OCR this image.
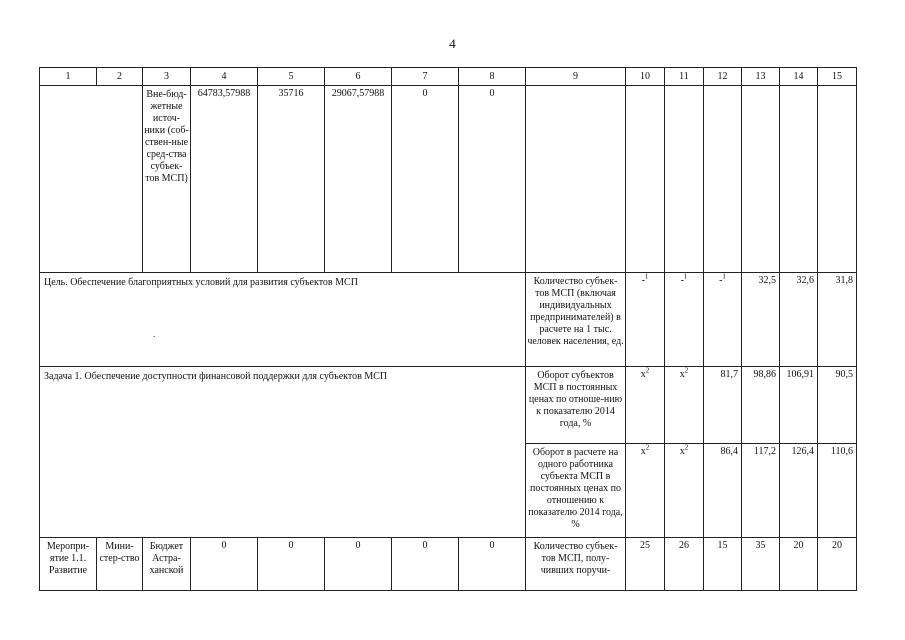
4
1	2	3	4	5	6	7	8	9	10	11	12	13	14	15
		Вне-бюд-жетные источ-ники (соб-ствен-ные сред-ства субъек-тов МСП)	64783,57988	35716	29067,57988	0	0							
Цель. Обеспечение благоприятных условий для развития субъектов МСП								Количество субъек-тов МСП (включая индивидуальных предпринимателей) в расчете на 1 тыс. человек населения, ед.	-$^1$	-$^1$	-$^1$	32,5	32,6	31,8
Задача 1. Обеспечение доступности финансовой поддержки для субъектов МСП								Оборот субъектов МСП в постоянных ценах по отноше-нию к показателю 2014 года, %	$x^2$	$x^2$	81,7	98,86	106,91	90,5
								Оборот в расчете на одного работника субъекта МСП в постоянных ценах по отношению к показателю 2014 года, %	$x^2$	$x^2$	86,4	117,2	126,4	110,6
Меропри-ятие 1.1. Развитие	Мини-стер-ство	Бюджет Астра-ханской	0	0	0	0	0	Количество субъек-тов МСП, полу-чивших поручи-	25	26	15	35	20	20
.
